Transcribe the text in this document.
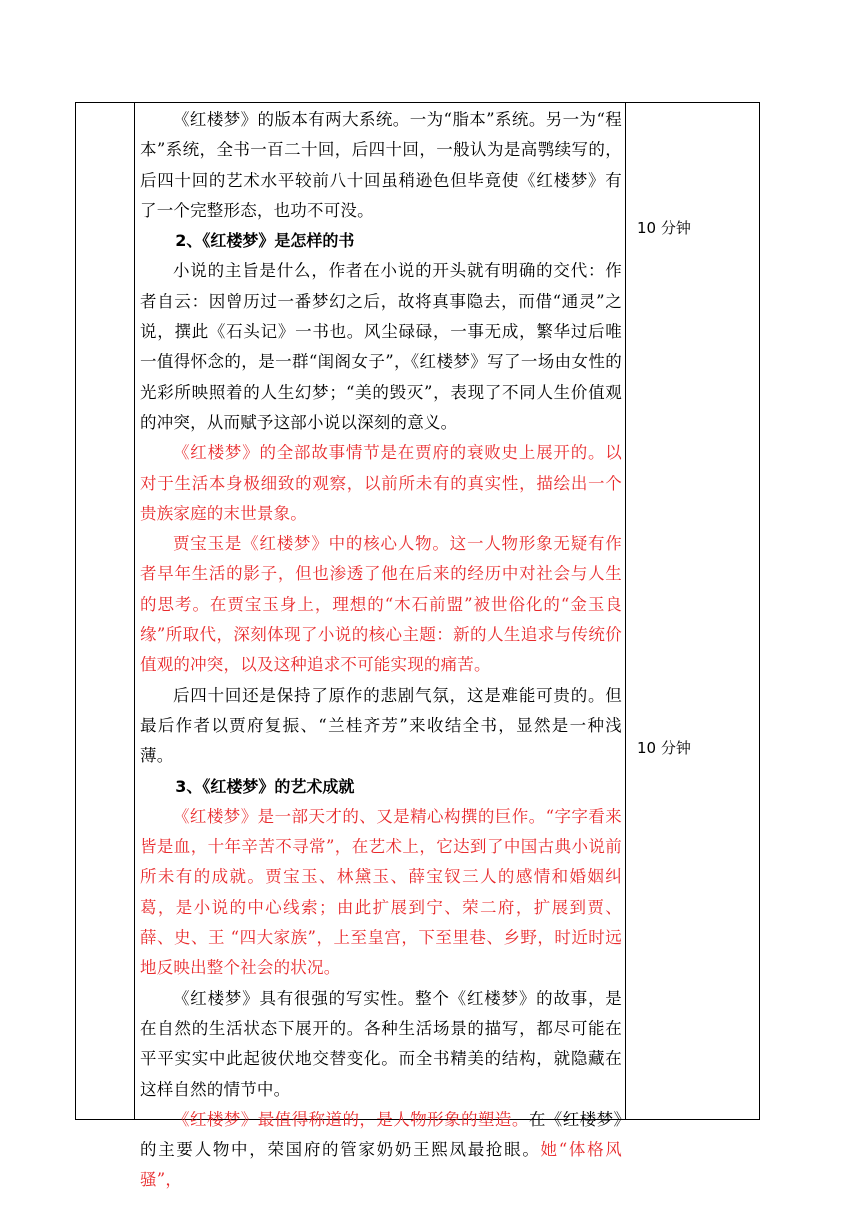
《红楼梦》的版本有两大系统。一为“脂本”系统。另一为“程本”系统，全书一百二十回，后四十回，一般认为是高鹗续写的，后四十回的艺术水平较前八十回虽稍逊色但毕竟使《红楼梦》有了一个完整形态，也功不可没。

2、《红楼梦》是怎样的书

小说的主旨是什么，作者在小说的开头就有明确的交代：作者自云：因曾历过一番梦幻之后，故将真事隐去，而借“通灵”之说，撰此《石头记》一书也。风尘碌碌，一事无成，繁华过后唯一值得怀念的，是一群“闺阁女子”，《红楼梦》写了一场由女性的光彩所映照着的人生幻梦；“美的毁灭”，表现了不同人生价值观的冲突，从而赋予这部小说以深刻的意义。

《红楼梦》的全部故事情节是在贾府的衰败史上展开的。以对于生活本身极细致的观察，以前所未有的真实性，描绘出一个贵族家庭的末世景象。

贾宝玉是《红楼梦》中的核心人物。这一人物形象无疑有作者早年生活的影子，但也渗透了他在后来的经历中对社会与人生的思考。在贾宝玉身上，理想的“木石前盟”被世俗化的“金玉良缘”所取代，深刻体现了小说的核心主题：新的人生追求与传统价值观的冲突，以及这种追求不可能实现的痛苦。

后四十回还是保持了原作的悲剧气氛，这是难能可贵的。但最后作者以贾府复振、“兰桂齐芳”来收结全书，显然是一种浅薄。

3、《红楼梦》的艺术成就

《红楼梦》是一部天才的、又是精心构撰的巨作。“字字看来皆是血，十年辛苦不寻常”，在艺术上，它达到了中国古典小说前所未有的成就。贾宝玉、林黛玉、薛宝钗三人的感情和婚姻纠葛，是小说的中心线索；由此扩展到宁、荣二府，扩展到贾、薛、史、王 “四大家族”，上至皇宫，下至里巷、乡野，时近时远地反映出整个社会的状况。

《红楼梦》具有很强的写实性。整个《红楼梦》的故事，是在自然的生活状态下展开的。各种生活场景的描写，都尽可能在平平实实中此起彼伏地交替变化。而全书精美的结构，就隐藏在这样自然的情节中。

《红楼梦》最值得称道的，是人物形象的塑造。在《红楼梦》的主要人物中，荣国府的管家奶奶王熙凤最抢眼。她“体格风骚”，

10 分钟
10 分钟
